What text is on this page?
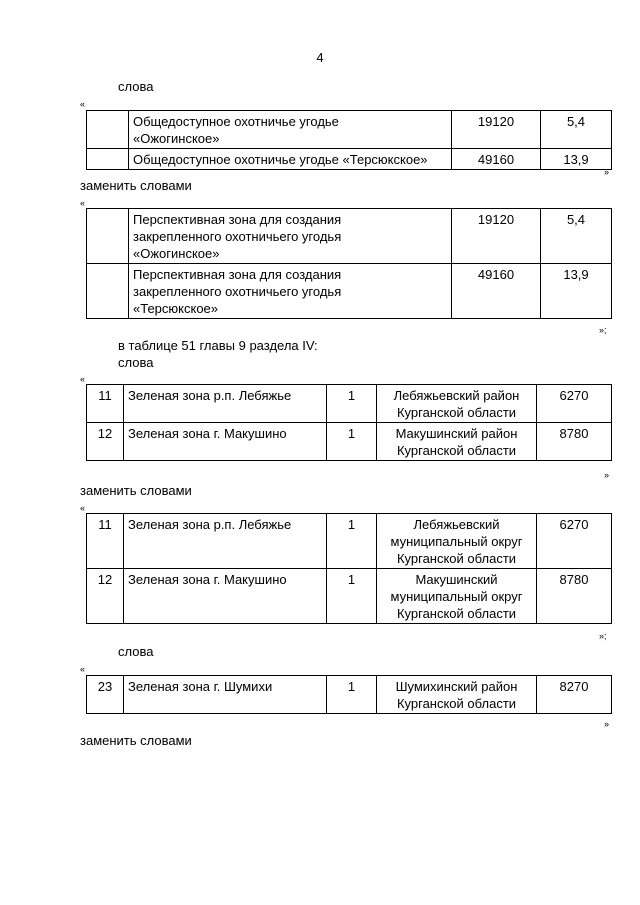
4
слова
«

	Общедоступное охотничье угодье
«Ожогинское»	19120	5,4

	Общедоступное охотничье угодье «Терсюкское»	49160	13,9
»
заменить словами
«

	Перспективная зона для создания
закрепленного охотничьего угодья
«Ожогинское»	19120	5,4

	Перспективная зона для создания
закрепленного охотничьего угодья
«Терсюкское»	49160	13,9
»;
в таблице 51 главы 9 раздела IV:
слова
«
11	Зеленая зона р.п. Лебяжье	1	Лебяжьевский район
Курганской области	6270
12	Зеленая зона г. Макушино	1	Макушинский район
Курганской области	8780
»
заменить словами
«
11	Зеленая зона р.п. Лебяжье	1	Лебяжьевский
муниципальный округ
Курганской области	6270
12	Зеленая зона г. Макушино	1	Макушинский
муниципальный округ
Курганской области	8780
»;
слова
«
23	Зеленая зона г. Шумихи	1	Шумихинский район
Курганской области
	8270
»
заменить словами
